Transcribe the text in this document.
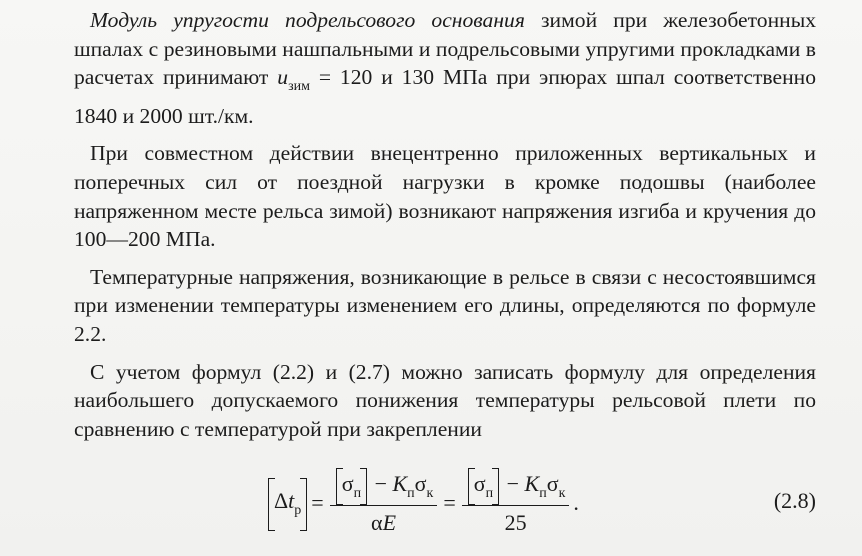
Модуль упругости подрельсового основания зимой при железобетонных шпалах с резиновыми нашпальными и подрельсовыми упругими прокладками в расчетах принимают $u_{зим} = 120$ и 130 МПа при эпюрах шпал соответственно 1840 и 2000 шт./км.

При совместном действии внецентренно приложенных вертикальных и поперечных сил от поездной нагрузки в кромке подошвы (наиболее напряженном месте рельса зимой) возникают напряжения изгиба и кручения до 100—200 МПа.

Температурные напряжения, возникающие в рельсе в связи с несостоявшимся при изменении температуры изменением его длины, определяются по формуле 2.2.

С учетом формул (2.2) и (2.7) можно записать формулу для определения наибольшего допускаемого понижения температуры рельсовой плети по сравнению с температурой при закреплении

$\Delta t_р = \frac{\sigma_п - K_п\sigma_к}{\alpha E} = \frac{\sigma_п - K_п\sigma_к}{25}$ .	(2.8)
